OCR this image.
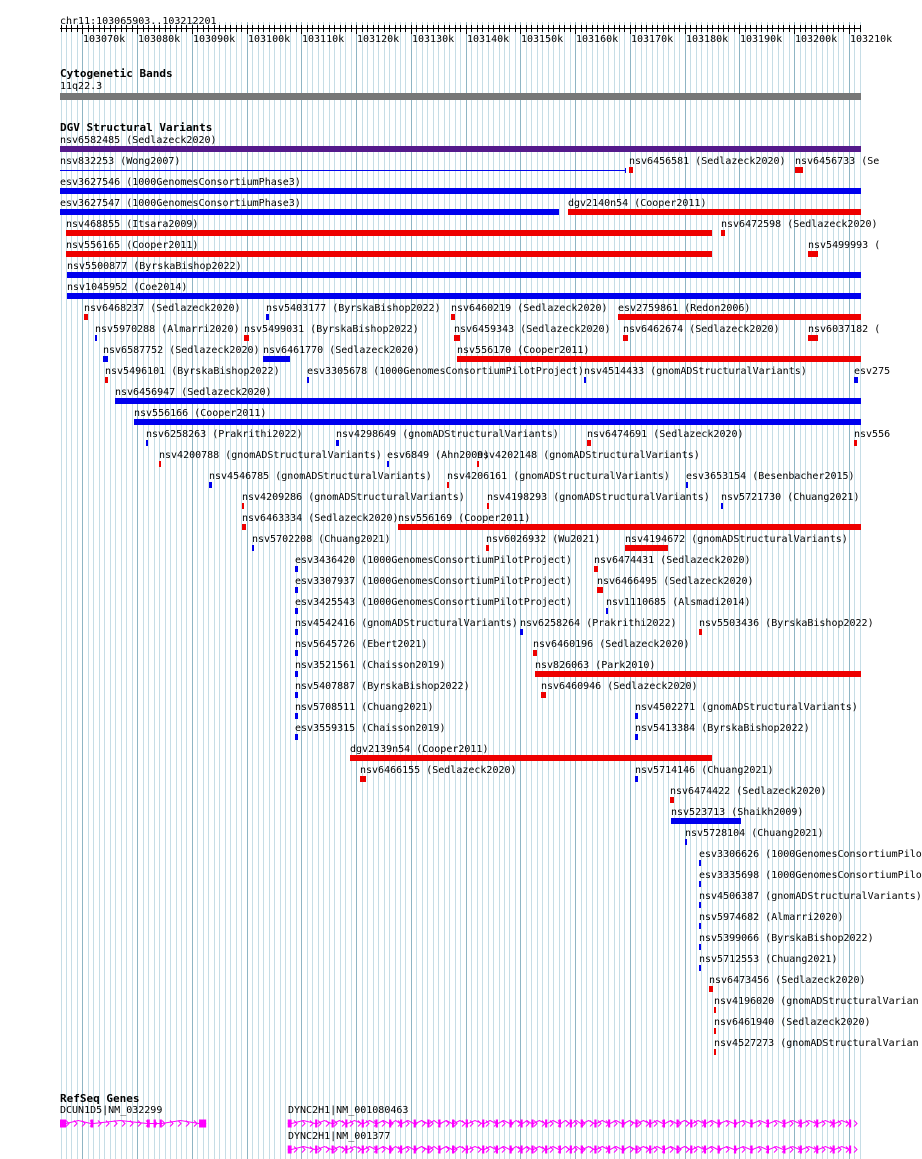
chr11:103065903..103212201
103070k 103080k 103090k 103100k 103110k 103120k 103130k 103140k 103150k 103160k 103170k 103180k 103190k 103200k 103210k
Cytogenetic Bands
11q22.3
DGV Structural Variants
nsv6582485 (Sedlazeck2020)
nsv832253 (Wong2007)	nsv6456581 (Sedlazeck2020) nsv6456733 (Se
esv3627546 (1000GenomesConsortiumPhase3)
esv3627547 (1000GenomesConsortiumPhase3)	dgv2140n54 (Cooper2011)
nsv468855 (Itsara2009)	nsv6472598 (Sedlazeck2020)
nsv556165 (Cooper2011)	nsv5499993 (
nsv5500877 (ByrskaBishop2022)
nsv1045952 (Coe2014)
nsv6468237 (Sedlazeck2020)	nsv5403177 (ByrskaBishop2022) nsv6460219 (Sedlazeck2020) esv2759861 (Redon2006)
nsv5970288 (Almarri2020) nsv5499031 (ByrskaBishop2022)	nsv6459343 (Sedlazeck2020) nsv6462674 (Sedlazeck2020)	nsv6037182 (
nsv6587752 (Sedlazeck2020) nsv6461770 (Sedlazeck2020)	nsv556170 (Cooper2011)
nsv5496101 (ByrskaBishop2022)	esv3305678 (1000GenomesConsortiumPilotProject) nsv4514433 (gnomADStructuralVariants)	esv275
nsv6456947 (Sedlazeck2020)
nsv556166 (Cooper2011)
nsv6258263 (Prakrithi2022)	nsv4298649 (gnomADStructuralVariants)	nsv6474691 (Sedlazeck2020)	nsv556
nsv4200788 (gnomADStructuralVariants) esv6849 (Ahn2009)
nsv4202148 (gnomADStructuralVariants)
nsv4546785 (gnomADStructuralVariants) nsv4206161 (gnomADStructuralVariants) esv3653154 (Besenbacher2015)
nsv4209286 (gnomADStructuralVariants) nsv4198293 (gnomADStructuralVariants) nsv5721730 (Chuang2021)
nsv6463334 (Sedlazeck2020) nsv556169 (Cooper2011)
nsv5702208 (Chuang2021)	nsv6026932 (Wu2021) nsv4194672 (gnomADStructuralVariants)
esv3436420 (1000GenomesConsortiumPilotProject) nsv6474431 (Sedlazeck2020)
esv3307937 (1000GenomesConsortiumPilotProject)	nsv6466495 (Sedlazeck2020)
esv3425543 (1000GenomesConsortiumPilotProject)	nsv1110685 (Alsmadi2014)
nsv4542416 (gnomADStructuralVariants) nsv6258264 (Prakrithi2022) nsv5503436 (ByrskaBishop2022)
nsv5645726 (Ebert2021)	nsv6460196 (Sedlazeck2020)
nsv3521561 (Chaisson2019)	nsv826063 (Park2010)
nsv5407887 (ByrskaBishop2022)	nsv6460946 (Sedlazeck2020)
nsv5708511 (Chuang2021)	nsv4502271 (gnomADStructuralVariants)
esv3559315 (Chaisson2019)	nsv5413384 (ByrskaBishop2022)
dgv2139n54 (Cooper2011)
nsv6466155 (Sedlazeck2020)	nsv5714146 (Chuang2021)
nsv6474422 (Sedlazeck2020)
nsv523713 (Shaikh2009)
nsv5728104 (Chuang2021)
esv3306626 (1000GenomesConsortiumPilo
esv3335698 (1000GenomesConsortiumPilo
nsv4506387 (gnomADStructuralVariants)
nsv5974682 (Almarri2020)
nsv5399066 (ByrskaBishop2022)
nsv5712553 (Chuang2021)
nsv6473456 (Sedlazeck2020)
nsv4196020 (gnomADStructuralVarian
nsv6461940 (Sedlazeck2020)
nsv4527273 (gnomADStructuralVarian
RefSeq Genes
DCUN1D5|NM_032299	DYNC2H1|NM_001080463
DYNC2H1|NM_001377
